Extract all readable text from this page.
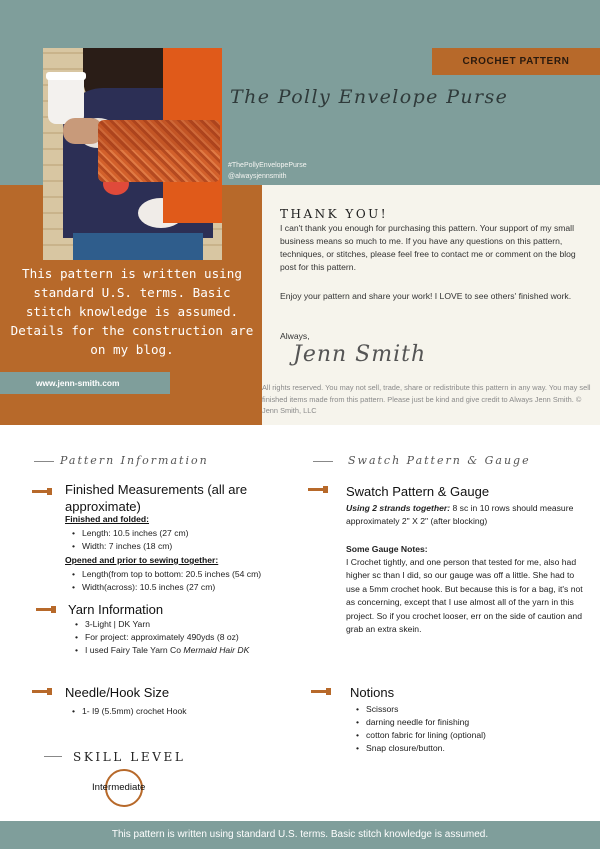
CROCHET PATTERN
The Polly Envelope Purse
#ThePollyEnvelopePurse
@alwaysjennsmith
THANK YOU!
I can't thank you enough for purchasing this pattern. Your support of my small business means so much to me. If you have any questions on this pattern, techniques, or stitches, please feel free to contact me or comment on the blog post for this pattern.
Enjoy your pattern and share your work! I LOVE to see others' finished work.
Always,
Jenn Smith
All rights reserved. You may not sell, trade, share or redistribute this pattern in any way. You may sell finished items made from this pattern. Please just be kind and give credit to Always Jenn Smith. © Jenn Smith, LLC
This pattern is written using standard U.S. terms. Basic stitch knowledge is assumed. Details for the construction are on my blog.
www.jenn-smith.com
Pattern Information
Finished Measurements (all are approximate)
Finished and folded:
• Length: 10.5 inches (27 cm)
• Width: 7 inches (18 cm)
Opened and prior to sewing together:
• Length(from top to bottom: 20.5 inches (54 cm)
• Width(across): 10.5 inches (27 cm)
Yarn Information
• 3-Light | DK Yarn
• For project: approximately 490yds (8 oz)
• I used Fairy Tale Yarn Co Mermaid Hair DK
Needle/Hook Size
• 1- I9 (5.5mm) crochet Hook
Swatch Pattern & Gauge
Swatch Pattern & Gauge
Using 2 strands together: 8 sc in 10 rows should measure approximately 2" X 2" (after blocking)
Some Gauge Notes:
I Crochet tightly, and one person that tested for me, also had higher sc than I did, so our gauge was off a little. She had to use a 5mm crochet hook. But because this is for a bag, it's not as concerning, except that I use almost all of the yarn in this project. So if you crochet looser, err on the side of caution and grab an extra skein.
Notions
• Scissors
• darning needle for finishing
• cotton fabric for lining (optional)
• Snap closure/button.
SKILL LEVEL
Intermediate
This pattern is written using standard U.S. terms. Basic stitch knowledge is assumed.
